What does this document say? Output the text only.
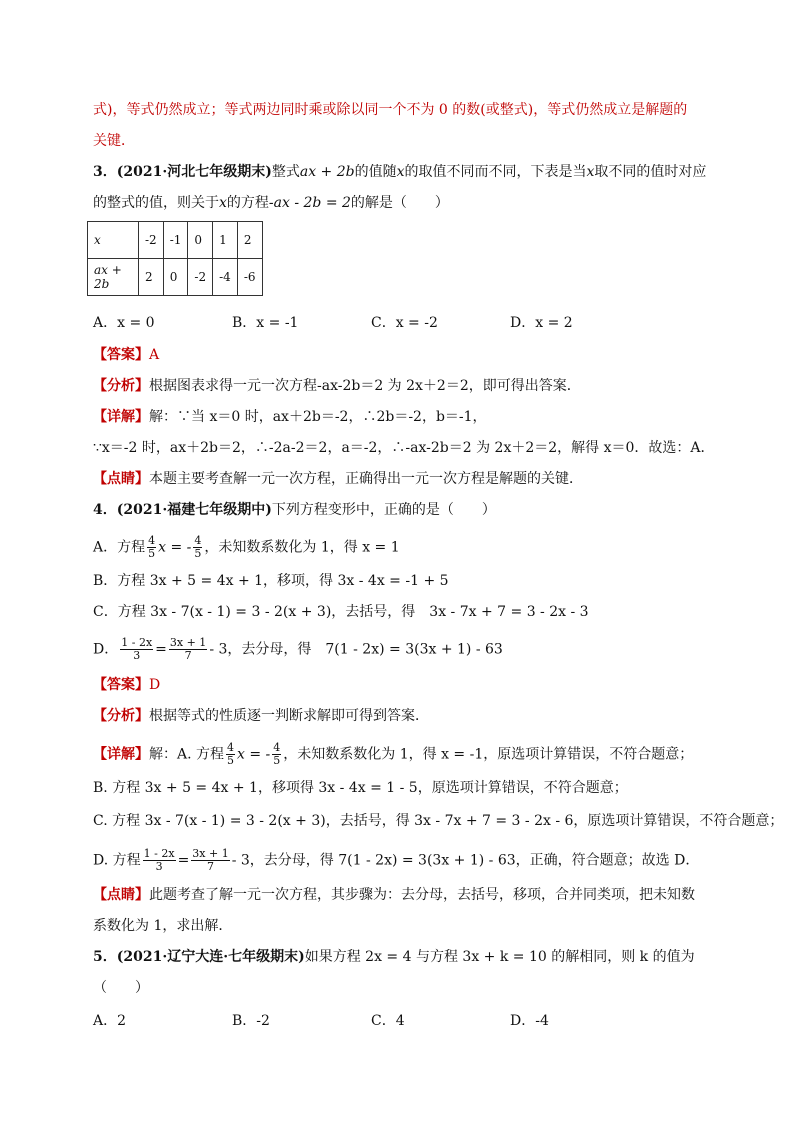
式)，等式仍然成立；等式两边同时乘或除以同一个不为 0 的数(或整式)，等式仍然成立是解题的
关键．
3．(2021·河北七年级期末)整式ax + 2b的值随x的取值不同而不同，下表是当x取不同的值时对应
的整式的值，则关于x的方程-ax - 2b = 2的解是（　　）
x	-2	-1	0	1	2
ax + 2b	2	0	-2	-4	-6
A．x = 0	B．x = -1	C．x = -2	D．x = 2
【答案】A
【分析】根据图表求得一元一次方程-ax-2b＝2 为 2x＋2＝2，即可得出答案．
【详解】解：∵当 x＝0 时，ax＋2b＝-2，∴2b＝-2，b＝-1，
∵x＝-2 时，ax＋2b＝2，∴-2a-2＝2，a＝-2，∴-ax-2b＝2 为 2x＋2＝2，解得 x＝0．故选：A．
【点睛】本题主要考查解一元一次方程，正确得出一元一次方程是解题的关键．
4．(2021·福建七年级期中)下列方程变形中，正确的是（　　）
A．方程 $\frac{4}{5}$ x = - $\frac{4}{5}$ ，未知数系数化为 1，得 x = 1
B．方程 3x + 5 = 4x + 1，移项，得 3x - 4x = -1 + 5
C．方程 3x - 7(x - 1) = 3 - 2(x + 3)，去括号，得　3x - 7x + 7 = 3 - 2x - 3
D． $\frac{1 - 2x}{3} = \frac{3x + 1}{7} - 3$，去分母，得　7(1 - 2x) = 3(3x + 1) - 63
【答案】D
【分析】根据等式的性质逐一判断求解即可得到答案．
【详解】解：A. 方程 $\frac{4}{5}$ x = - $\frac{4}{5}$ ，未知数系数化为 1，得 x = -1，原选项计算错误，不符合题意；
B. 方程 3x + 5 = 4x + 1，移项得 3x - 4x = 1 - 5，原选项计算错误，不符合题意；
C. 方程 3x - 7(x - 1) = 3 - 2(x + 3)，去括号，得 3x - 7x + 7 = 3 - 2x - 6，原选项计算错误，不符合题意；
D. 方程 $\frac{1 - 2x}{3} = \frac{3x + 1}{7} - 3$，去分母，得 7(1 - 2x) = 3(3x + 1) - 63，正确，符合题意；故选 D．
【点睛】此题考查了解一元一次方程，其步骤为：去分母，去括号，移项，合并同类项，把未知数
系数化为 1，求出解．
5．(2021·辽宁大连·七年级期末)如果方程 2x = 4 与方程 3x + k = 10 的解相同，则 k 的值为
（　　）
A．2	B．-2	C．4	D．-4
